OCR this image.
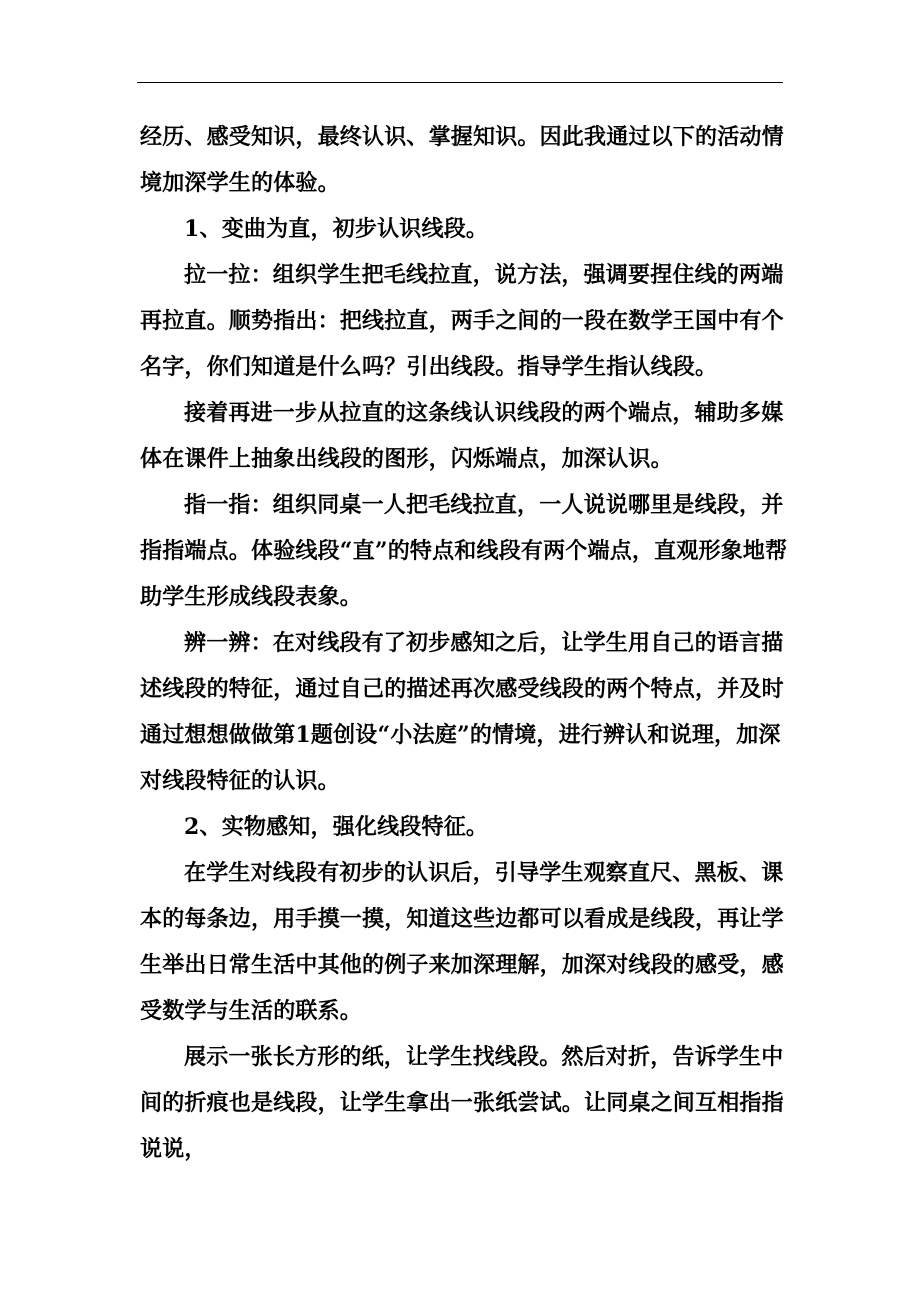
经历、感受知识，最终认识、掌握知识。因此我通过以下的活动情境加深学生的体验。

1、变曲为直，初步认识线段。

拉一拉：组织学生把毛线拉直，说方法，强调要捏住线的两端再拉直。顺势指出：把线拉直，两手之间的一段在数学王国中有个名字，你们知道是什么吗？引出线段。指导学生指认线段。

接着再进一步从拉直的这条线认识线段的两个端点，辅助多媒体在课件上抽象出线段的图形，闪烁端点，加深认识。

指一指：组织同桌一人把毛线拉直，一人说说哪里是线段，并指指端点。体验线段“直”的特点和线段有两个端点，直观形象地帮助学生形成线段表象。

辨一辨：在对线段有了初步感知之后，让学生用自己的语言描述线段的特征，通过自己的描述再次感受线段的两个特点，并及时通过想想做做第1题创设“小法庭”的情境，进行辨认和说理，加深对线段特征的认识。

2、实物感知，强化线段特征。

在学生对线段有初步的认识后，引导学生观察直尺、黑板、课本的每条边，用手摸一摸，知道这些边都可以看成是线段，再让学生举出日常生活中其他的例子来加深理解，加深对线段的感受，感受数学与生活的联系。

展示一张长方形的纸，让学生找线段。然后对折，告诉学生中间的折痕也是线段，让学生拿出一张纸尝试。让同桌之间互相指指说说，
